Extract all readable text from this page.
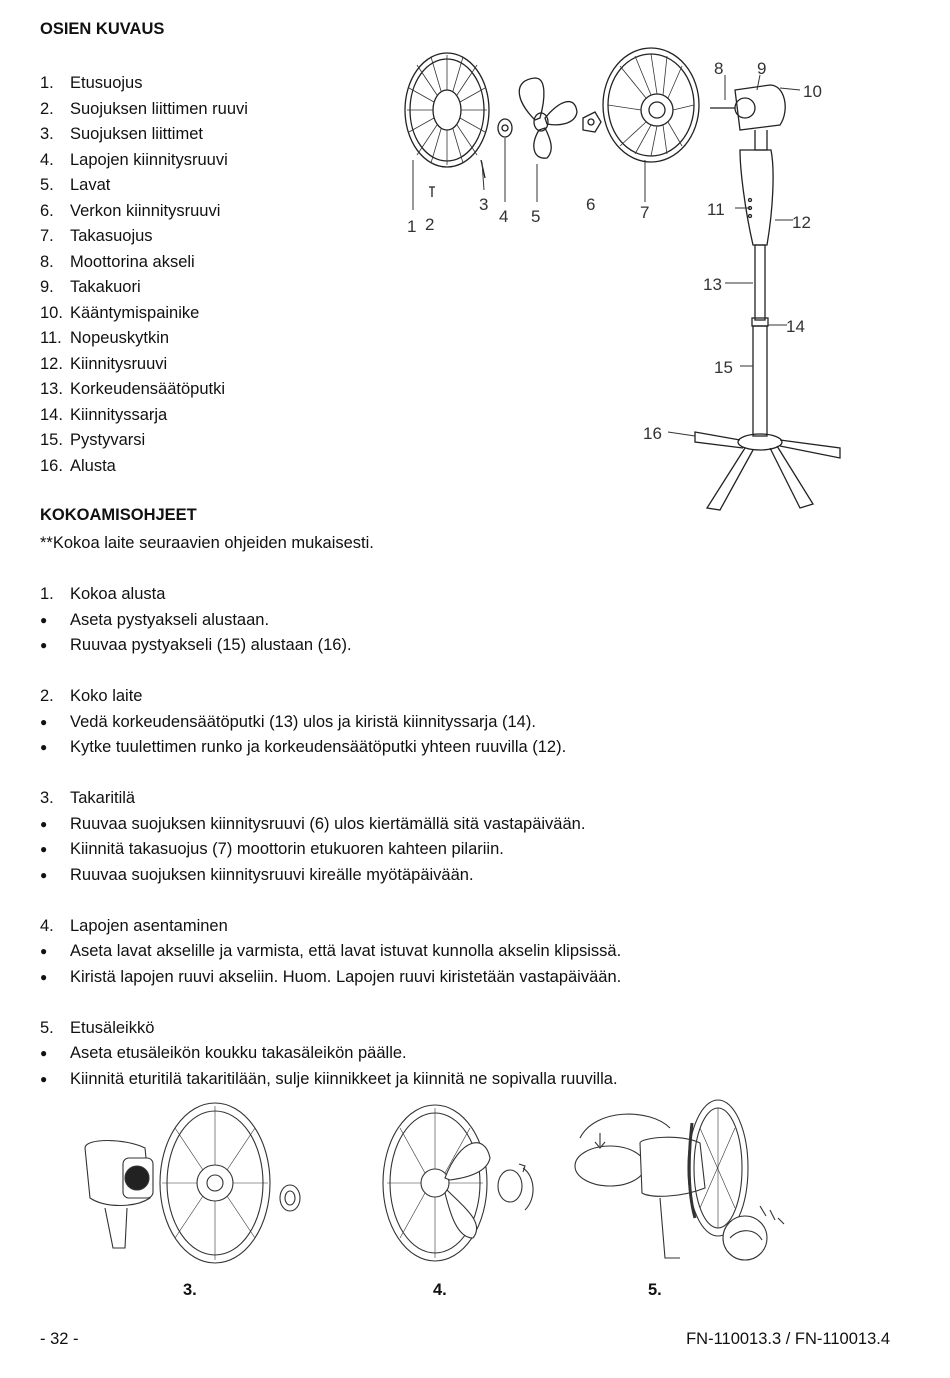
OSIEN KUVAUS
1. Etusuojus
2. Suojuksen liittimen ruuvi
3. Suojuksen liittimet
4. Lapojen kiinnitysruuvi
5. Lavat
6. Verkon kiinnitysruuvi
7. Takasuojus
8. Moottorina akseli
9. Takakuori
10. Kääntymispainike
11. Nopeuskytkin
12. Kiinnitysruuvi
13. Korkeudensäätöputki
14. Kiinnityssarja
15. Pystyvarsi
16. Alusta
1 2
3
4 5
6	7
8 9
10
11
12
13
14
15
16
KOKOAMISOHJEET
**Kokoa laite seuraavien ohjeiden mukaisesti.
1. Kokoa alusta
● Aseta pystyakseli alustaan.
● Ruuvaa pystyakseli (15) alustaan (16).
2. Koko laite
● Vedä korkeudensäätöputki (13) ulos ja kiristä kiinnityssarja (14).
● Kytke tuulettimen runko ja korkeudensäätöputki yhteen ruuvilla (12).
3. Takaritilä
● Ruuvaa suojuksen kiinnitysruuvi (6) ulos kiertämällä sitä vastapäivään.
● Kiinnitä takasuojus (7) moottorin etukuoren kahteen pilariin.
● Ruuvaa suojuksen kiinnitysruuvi kireälle myötäpäivään.
4. Lapojen asentaminen
● Aseta lavat akselille ja varmista, että lavat istuvat kunnolla akselin klipsissä.
● Kiristä lapojen ruuvi akseliin. Huom. Lapojen ruuvi kiristetään vastapäivään.
5. Etusäleikkö
● Aseta etusäleikön koukku takasäleikön päälle.
● Kiinnitä eturitilä takaritilään, sulje kiinnikkeet ja kiinnitä ne sopivalla ruuvilla.
3.	4.	5.
- 32 -	FN-110013.3 / FN-110013.4
